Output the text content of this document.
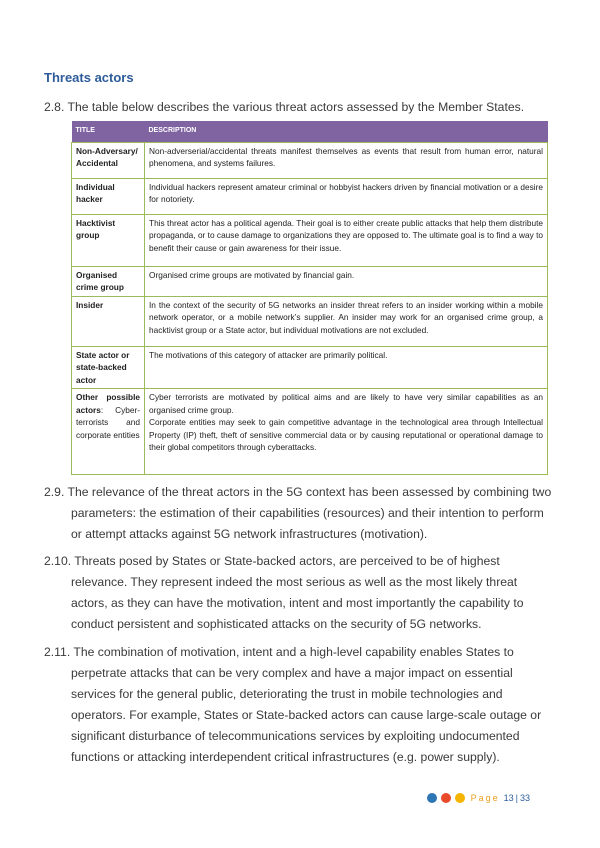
Threats actors
2.8. The table below describes the various threat actors assessed by the Member States.
TITLE	DESCRIPTION
Non-Adversary/ Accidental	Non-adverserial/accidental threats manifest themselves as events that result from human error, natural phenomena, and systems failures.
Individual hacker	Individual hackers represent amateur criminal or hobbyist hackers driven by financial motivation or a desire for notoriety.
Hacktivist group	This threat actor has a political agenda. Their goal is to either create public attacks that help them distribute propaganda, or to cause damage to organizations they are opposed to. The ultimate goal is to find a way to benefit their cause or gain awareness for their issue.
Organised crime group	Organised crime groups are motivated by financial gain.
Insider	In the context of the security of 5G networks an insider threat refers to an insider working within a mobile network operator, or a mobile network’s supplier. An insider may work for an organised crime group, a hacktivist group or a State actor, but individual motivations are not excluded.
State actor or state-backed actor	The motivations of this category of attacker are primarily political.
Other possible actors: Cyber-terrorists and corporate entities	Cyber terrorists are motivated by political aims and are likely to have very similar capabilities as an organised crime group.
Corporate entities may seek to gain competitive advantage in the technological area through Intellectual Property (IP) theft, theft of sensitive commercial data or by causing reputational or operational damage to their global competitors through cyberattacks.
2.9. The relevance of the threat actors in the 5G context has been assessed by combining two parameters: the estimation of their capabilities (resources) and their intention to perform or attempt attacks against 5G network infrastructures (motivation).
2.10. Threats posed by States or State-backed actors, are perceived to be of highest relevance. They represent indeed the most serious as well as the most likely threat actors, as they can have the motivation, intent and most importantly the capability to conduct persistent and sophisticated attacks on the security of 5G networks.
2.11. The combination of motivation, intent and a high-level capability enables States to perpetrate attacks that can be very complex and have a major impact on essential services for the general public, deteriorating the trust in mobile technologies and operators. For example, States or State-backed actors can cause large-scale outage or significant disturbance of telecommunications services by exploiting undocumented functions or attacking interdependent critical infrastructures (e.g. power supply).
Page 13 | 33
